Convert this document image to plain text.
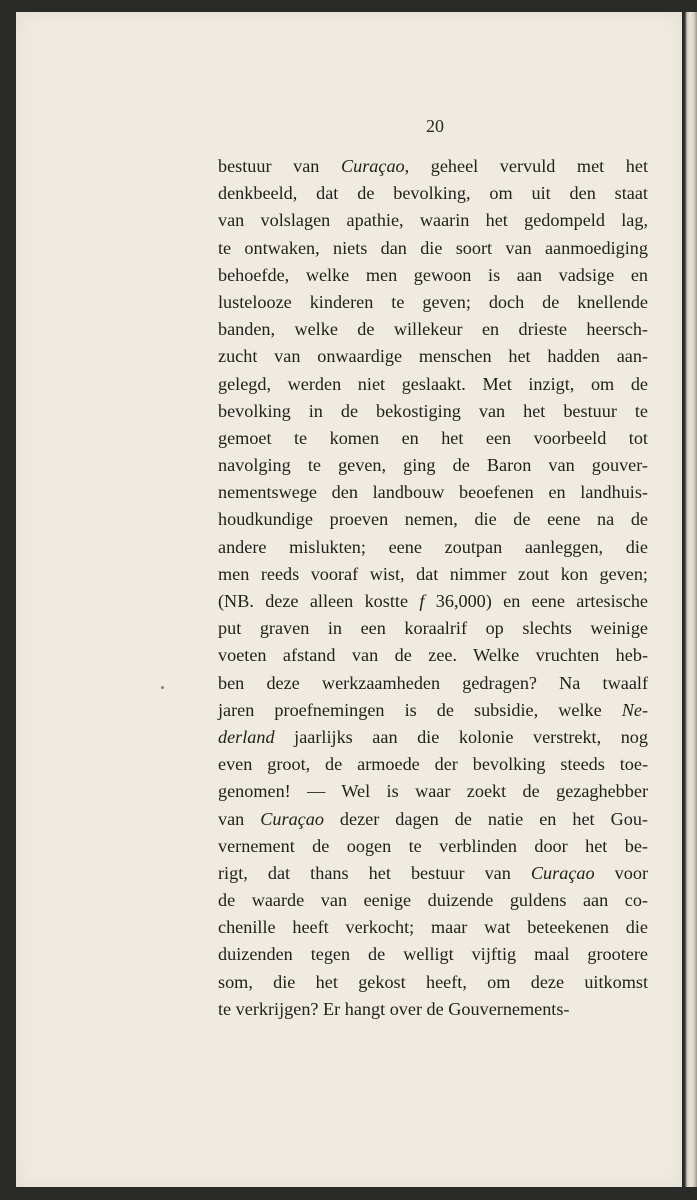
20
bestuur van Curaçao, geheel vervuld met het
denkbeeld, dat de bevolking, om uit den staat
van volslagen apathie, waarin het gedompeld lag,
te ontwaken, niets dan die soort van aanmoediging
behoefde, welke men gewoon is aan vadsige en
lustelooze kinderen te geven; doch de knellende
banden, welke de willekeur en drieste heersch-
zucht van onwaardige menschen het hadden aan-
gelegd, werden niet geslaakt. Met inzigt, om de
bevolking in de bekostiging van het bestuur te
gemoet te komen en het een voorbeeld tot
navolging te geven, ging de Baron van gouver-
nementswege den landbouw beoefenen en landhuis-
houdkundige proeven nemen, die de eene na de
andere mislukten; eene zoutpan aanleggen, die
men reeds vooraf wist, dat nimmer zout kon geven;
(NB. deze alleen kostte f 36,000) en eene artesische
put graven in een koraalrif op slechts weinige
voeten afstand van de zee. Welke vruchten heb-
ben deze werkzaamheden gedragen? Na twaalf
jaren proefnemingen is de subsidie, welke Ne-
derland jaarlijks aan die kolonie verstrekt, nog
even groot, de armoede der bevolking steeds toe-
genomen! — Wel is waar zoekt de gezaghebber
van Curaçao dezer dagen de natie en het Gou-
vernement de oogen te verblinden door het be-
rigt, dat thans het bestuur van Curaçao voor
de waarde van eenige duizende guldens aan co-
chenille heeft verkocht; maar wat beteekenen die
duizenden tegen de welligt vijftig maal grootere
som, die het gekost heeft, om deze uitkomst
te verkrijgen? Er hangt over de Gouvernements-
